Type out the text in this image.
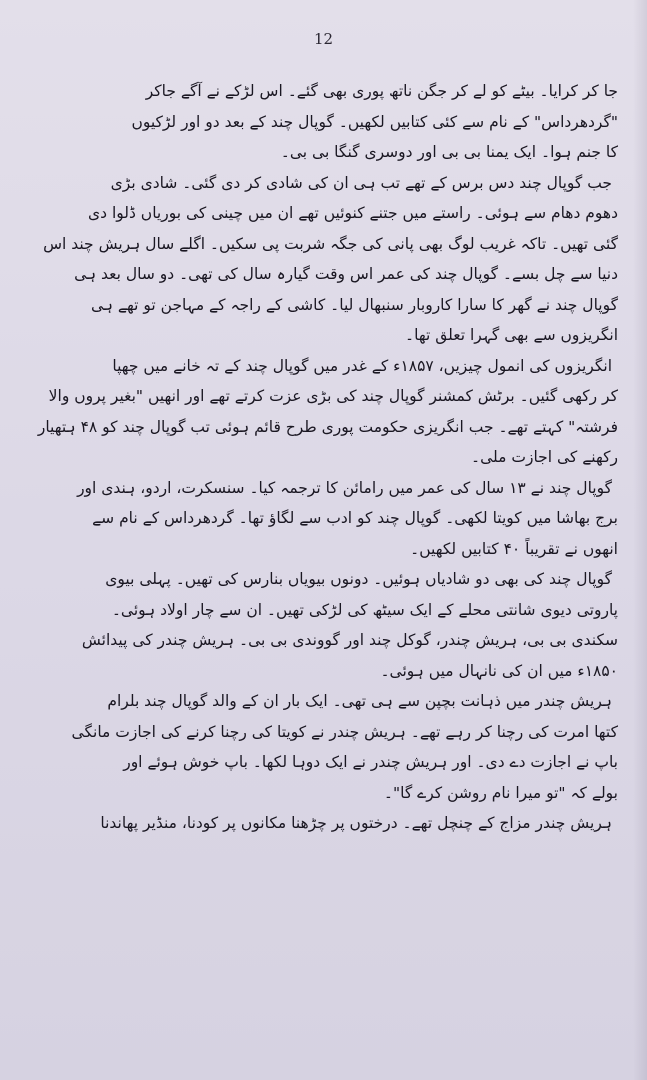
12
جا کر کرایا۔ بیٹے کو لے کر جگن ناتھ پوری بھی گئے۔ اس لڑکے نے آگے جاکر
"گردھرداس" کے نام سے کئی کتابیں لکھیں۔ گوپال چند کے بعد دو اور لڑکیوں
کا جنم ہوا۔ ایک یمنا بی بی اور دوسری گنگا بی بی۔
جب گوپال چند دس برس کے تھے تب ہی ان کی شادی کر دی گئی۔ شادی بڑی
دھوم دھام سے ہوئی۔ راستے میں جتنے کنوئیں تھے ان میں چینی کی بوریاں ڈلوا دی
گئی تھیں۔ تاکہ غریب لوگ بھی پانی کی جگہ شربت پی سکیں۔ اگلے سال ہریش چند اس
دنیا سے چل بسے۔ گوپال چند کی عمر اس وقت گیارہ سال کی تھی۔ دو سال بعد ہی
گوپال چند نے گھر کا سارا کاروبار سنبھال لیا۔ کاشی کے راجہ کے مہاجن تو تھے ہی
انگریزوں سے بھی گہرا تعلق تھا۔
انگریزوں کی انمول چیزیں، ۱۸۵۷ء کے غدر میں گوپال چند کے تہ خانے میں چھپا
کر رکھی گئیں۔ برٹش کمشنر گوپال چند کی بڑی عزت کرتے تھے اور انھیں "بغیر پروں والا
فرشتہ" کہتے تھے۔ جب انگریزی حکومت پوری طرح قائم ہوئی تب گوپال چند کو ۴۸ ہتھیار
رکھنے کی اجازت ملی۔
گوپال چند نے ۱۳ سال کی عمر میں رامائن کا ترجمہ کیا۔ سنسکرت، اردو، ہندی اور
برج بھاشا میں کویتا لکھی۔ گوپال چند کو ادب سے لگاؤ تھا۔ گردھرداس کے نام سے
انھوں نے تقریباً ۴۰ کتابیں لکھیں۔
گوپال چند کی بھی دو شادیاں ہوئیں۔ دونوں بیویاں بنارس کی تھیں۔ پہلی بیوی
پاروتی دیوی شانتی محلے کے ایک سیٹھ کی لڑکی تھیں۔ ان سے چار اولاد ہوئی۔
سکندی بی بی، ہریش چندر، گوکل چند اور گووندی بی بی۔ ہریش چندر کی پیدائش
۱۸۵۰ء میں ان کی نانہال میں ہوئی۔
ہریش چندر میں ذہانت بچپن سے ہی تھی۔ ایک بار ان کے والد گوپال چند بلرام
کتھا امرت کی رچنا کر رہے تھے۔ ہریش چندر نے کویتا کی رچنا کرنے کی اجازت مانگی
باپ نے اجازت دے دی۔ اور ہریش چندر نے ایک دوہا لکھا۔ باپ خوش ہوئے اور
بولے کہ "تو میرا نام روشن کرے گا"۔
ہریش چندر مزاج کے چنچل تھے۔ درختوں پر چڑھنا مکانوں پر کودنا، منڈیر پھاندنا
